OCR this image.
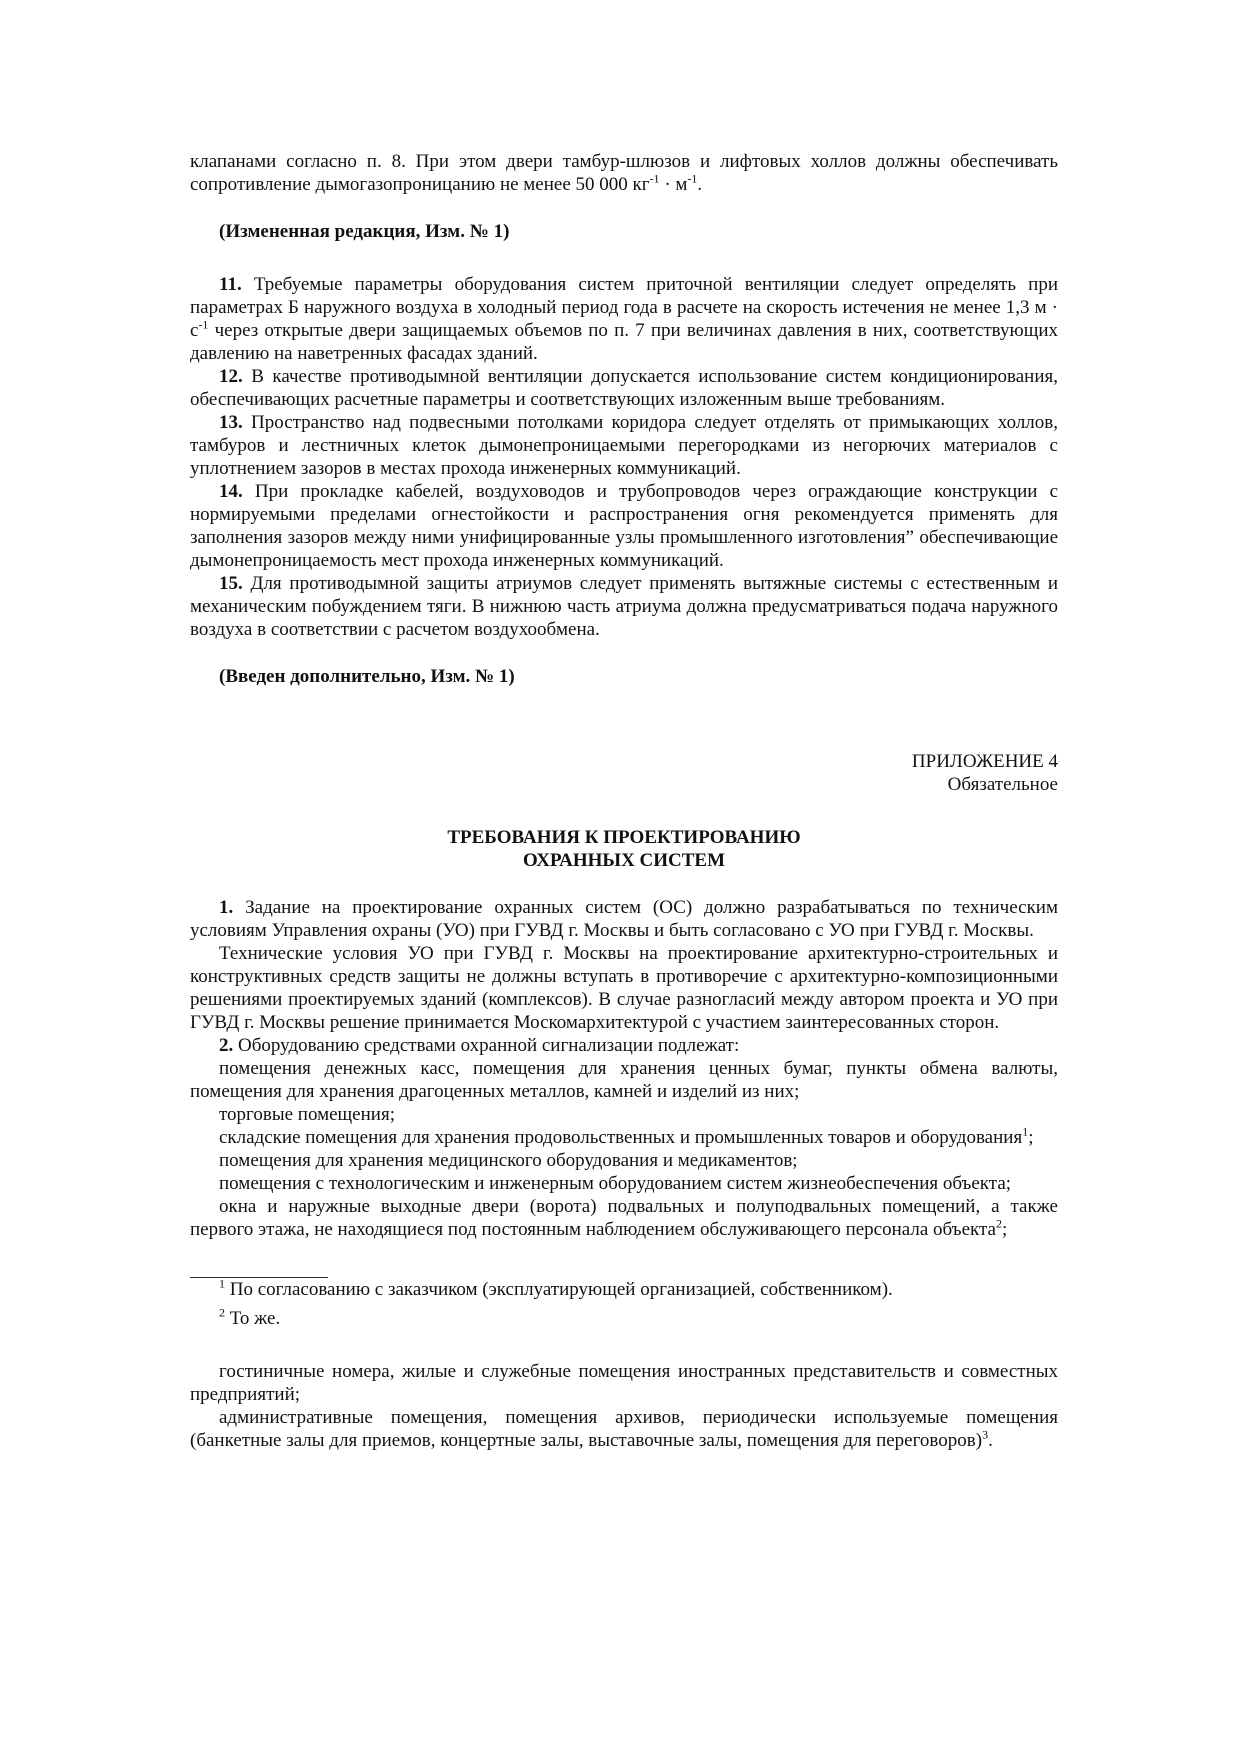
клапанами согласно п. 8. При этом двери тамбур-шлюзов и лифтовых холлов должны обеспечивать сопротивление дымогазопроницанию не менее 50 000 $кг^{-1} \cdot м^{-1}$.

(Измененная редакция, Изм. № 1)

11. Требуемые параметры оборудования систем приточной вентиляции следует определять при параметрах Б наружного воздуха в холодный период года в расчете на скорость истечения не менее 1,3 $м \cdot с^{-1}$ через открытые двери защищаемых объемов по п. 7 при величинах давления в них, соответствующих давлению на наветренных фасадах зданий.

12. В качестве противодымной вентиляции допускается использование систем кондиционирования, обеспечивающих расчетные параметры и соответствующих изложенным выше требованиям.

13. Пространство над подвесными потолками коридора следует отделять от примыкающих холлов, тамбуров и лестничных клеток дымонепроницаемыми перегородками из негорючих материалов с уплотнением зазоров в местах прохода инженерных коммуникаций.

14. При прокладке кабелей, воздуховодов и трубопроводов через ограждающие конструкции с нормируемыми пределами огнестойкости и распространения огня рекомендуется применять для заполнения зазоров между ними унифицированные узлы промышленного изготовления” обеспечивающие дымонепроницаемость мест прохода инженерных коммуникаций.

15. Для противодымной защиты атриумов следует применять вытяжные системы с естественным и механическим побуждением тяги. В нижнюю часть атриума должна предусматриваться подача наружного воздуха в соответствии с расчетом воздухообмена.

(Введен дополнительно, Изм. № 1)

ПРИЛОЖЕНИЕ 4

Обязательное

ТРЕБОВАНИЯ К ПРОЕКТИРОВАНИЮ

ОХРАННЫХ СИСТЕМ

1. Задание на проектирование охранных систем (ОС) должно разрабатываться по техническим условиям Управления охраны (УО) при ГУВД г. Москвы и быть согласовано с УО при ГУВД г. Москвы.

Технические условия УО при ГУВД г. Москвы на проектирование архитектурно-строительных и конструктивных средств защиты не должны вступать в противоречие с архитектурно-композиционными решениями проектируемых зданий (комплексов). В случае разногласий между автором проекта и УО при ГУВД г. Москвы решение принимается Москомархитектурой с участием заинтересованных сторон.

2. Оборудованию средствами охранной сигнализации подлежат:

помещения денежных касс, помещения для хранения ценных бумаг, пункты обмена валюты, помещения для хранения драгоценных металлов, камней и изделий из них;

торговые помещения;

складские помещения для хранения продовольственных и промышленных товаров и оборудования$^1$;

помещения для хранения медицинского оборудования и медикаментов;

помещения с технологическим и инженерным оборудованием систем жизнеобеспечения объекта;

окна и наружные выходные двери (ворота) подвальных и полуподвальных помещений, а также первого этажа, не находящиеся под постоянным наблюдением обслуживающего персонала объекта$^2$;

$^1$ По согласованию с заказчиком (эксплуатирующей организацией, собственником).

$^2$ То же.

гостиничные номера, жилые и служебные помещения иностранных представительств и совместных предприятий;

административные помещения, помещения архивов, периодически используемые помещения (банкетные залы для приемов, концертные залы, выставочные залы, помещения для переговоров)$^3$.
